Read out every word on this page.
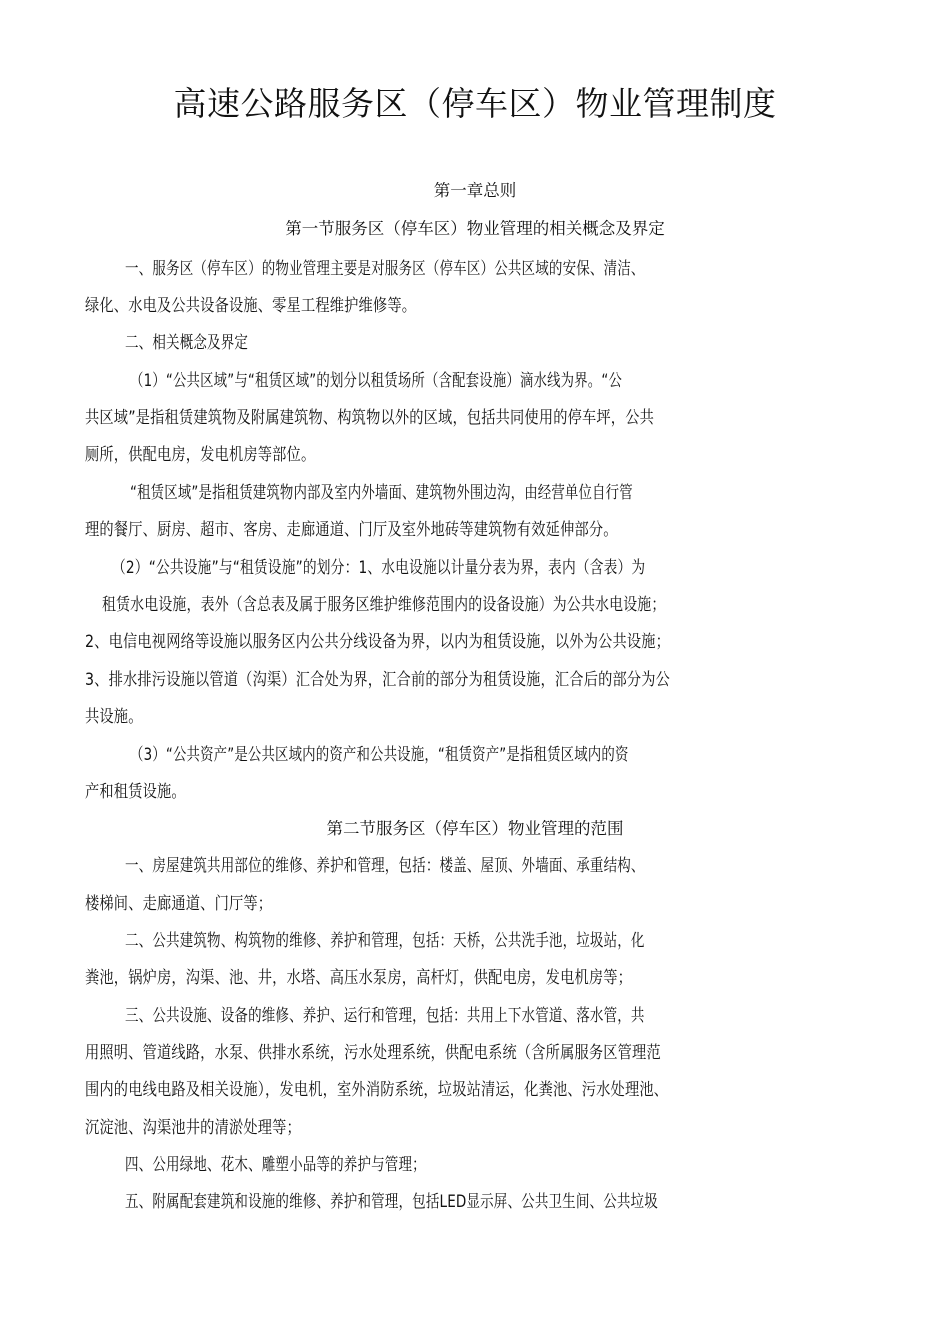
高速公路服务区（停车区）物业管理制度
第一章总则
第一节服务区（停车区）物业管理的相关概念及界定
一、服务区（停车区）的物业管理主要是对服务区（停车区）公共区域的安保、清洁、
绿化、水电及公共设备设施、零星工程维护维修等。
二、相关概念及界定
（1）“公共区域”与“租赁区域”的划分以租赁场所（含配套设施）滴水线为界。“公
共区域”是指租赁建筑物及附属建筑物、构筑物以外的区域，包括共同使用的停车坪，公共
厕所，供配电房，发电机房等部位。
“租赁区域”是指租赁建筑物内部及室内外墙面、建筑物外围边沟，由经营单位自行管
理的餐厅、厨房、超市、客房、走廊通道、门厅及室外地砖等建筑物有效延伸部分。
（2）“公共设施”与“租赁设施”的划分：1、水电设施以计量分表为界，表内（含表）为
租赁水电设施，表外（含总表及属于服务区维护维修范围内的设备设施）为公共水电设施；
2、电信电视网络等设施以服务区内公共分线设备为界，以内为租赁设施，以外为公共设施；
3、排水排污设施以管道（沟渠）汇合处为界，汇合前的部分为租赁设施，汇合后的部分为公
共设施。
（3）“公共资产”是公共区域内的资产和公共设施，“租赁资产”是指租赁区域内的资
产和租赁设施。
第二节服务区（停车区）物业管理的范围
一、房屋建筑共用部位的维修、养护和管理，包括：楼盖、屋顶、外墙面、承重结构、
楼梯间、走廊通道、门厅等；
二、公共建筑物、构筑物的维修、养护和管理，包括：天桥，公共洗手池，垃圾站，化
粪池，锅炉房，沟渠、池、井，水塔、高压水泵房，高杆灯，供配电房，发电机房等；
三、公共设施、设备的维修、养护、运行和管理，包括：共用上下水管道、落水管，共
用照明、管道线路，水泵、供排水系统，污水处理系统，供配电系统（含所属服务区管理范
围内的电线电路及相关设施），发电机，室外消防系统，垃圾站清运，化粪池、污水处理池、
沉淀池、沟渠池井的清淤处理等；
四、公用绿地、花木、雕塑小品等的养护与管理；
五、附属配套建筑和设施的维修、养护和管理，包括LED显示屏、公共卫生间、公共垃圾
